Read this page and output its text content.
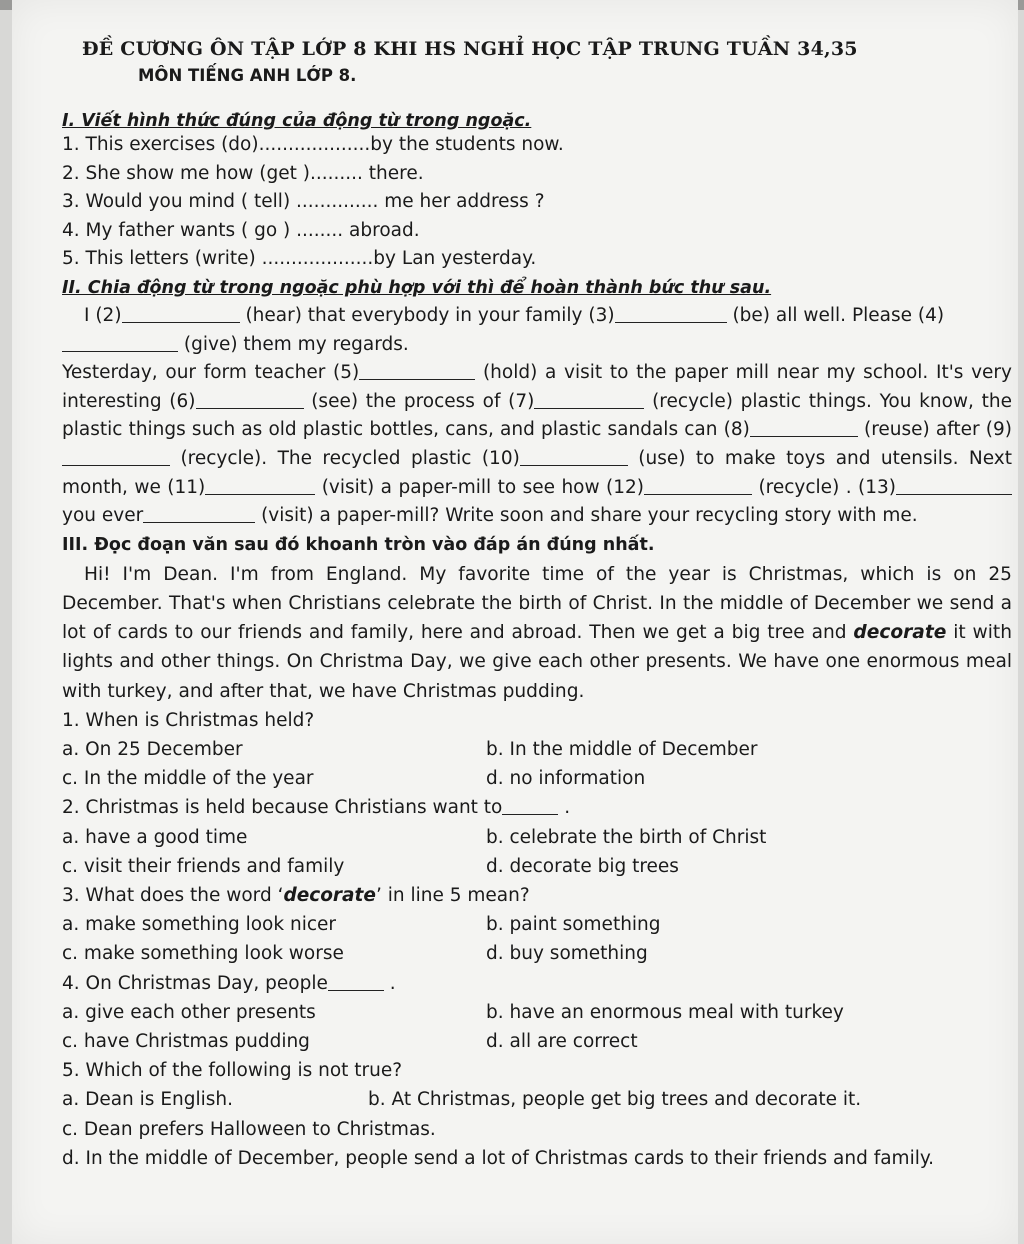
ĐỀ CƯƠNG ÔN TẬP LỚP 8 KHI HS NGHỈ HỌC TẬP TRUNG TUẦN 34,35
MÔN TIẾNG ANH LỚP 8.
I. Viết hình thức đúng của động từ trong ngoặc.
1. This exercises (do)...................by the students now.
2. She show me how (get )......... there.
3. Would you mind ( tell) .............. me her address ?
4. My father wants ( go ) ........ abroad.
5. This letters (write) ...................by Lan yesterday.
II. Chia động từ trong ngoặc phù hợp với thì để hoàn thành bức thư sau.
I (2)	(hear) that everybody in your family (3)	(be) all well. Please (4)
(give) them my regards.
Yesterday, our form teacher (5)	(hold) a visit to the paper mill near my school. It's very interesting (6)	(see) the process of (7)	(recycle) plastic things. You know, the plastic things such as old plastic bottles, cans, and plastic sandals can (8)	(reuse) after (9) (recycle). The recycled plastic (10)	(use) to make toys and utensils. Next month, we (11)	(visit) a paper-mill to see how (12)	(recycle) . (13) you ever	(visit) a paper-mill? Write soon and share your recycling story with me.
III. Đọc đoạn văn sau đó khoanh tròn vào đáp án đúng nhất.
Hi! I'm Dean. I'm from England. My favorite time of the year is Christmas, which is on 25 December. That's when Christians celebrate the birth of Christ. In the middle of December we send a lot of cards to our friends and family, here and abroad. Then we get a big tree and decorate it with lights and other things. On Christma Day, we give each other presents. We have one enormous meal with turkey, and after that, we have Christmas pudding.
1. When is Christmas held?
a. On 25 December	b. In the middle of December
c. In the middle of the year	d. no information
2. Christmas is held because Christians want to	.
a. have a good time	b. celebrate the birth of Christ
c. visit their friends and family	d. decorate big trees
3. What does the word ‘decorate’ in line 5 mean?
a. make something look nicer	b. paint something
c. make something look worse	d. buy something
4. On Christmas Day, people	.
a. give each other presents	b. have an enormous meal with turkey
c. have Christmas pudding	d. all are correct
5. Which of the following is not true?
a. Dean is English.	b. At Christmas, people get big trees and decorate it.
c. Dean prefers Halloween to Christmas.
d. In the middle of December, people send a lot of Christmas cards to their friends and family.
